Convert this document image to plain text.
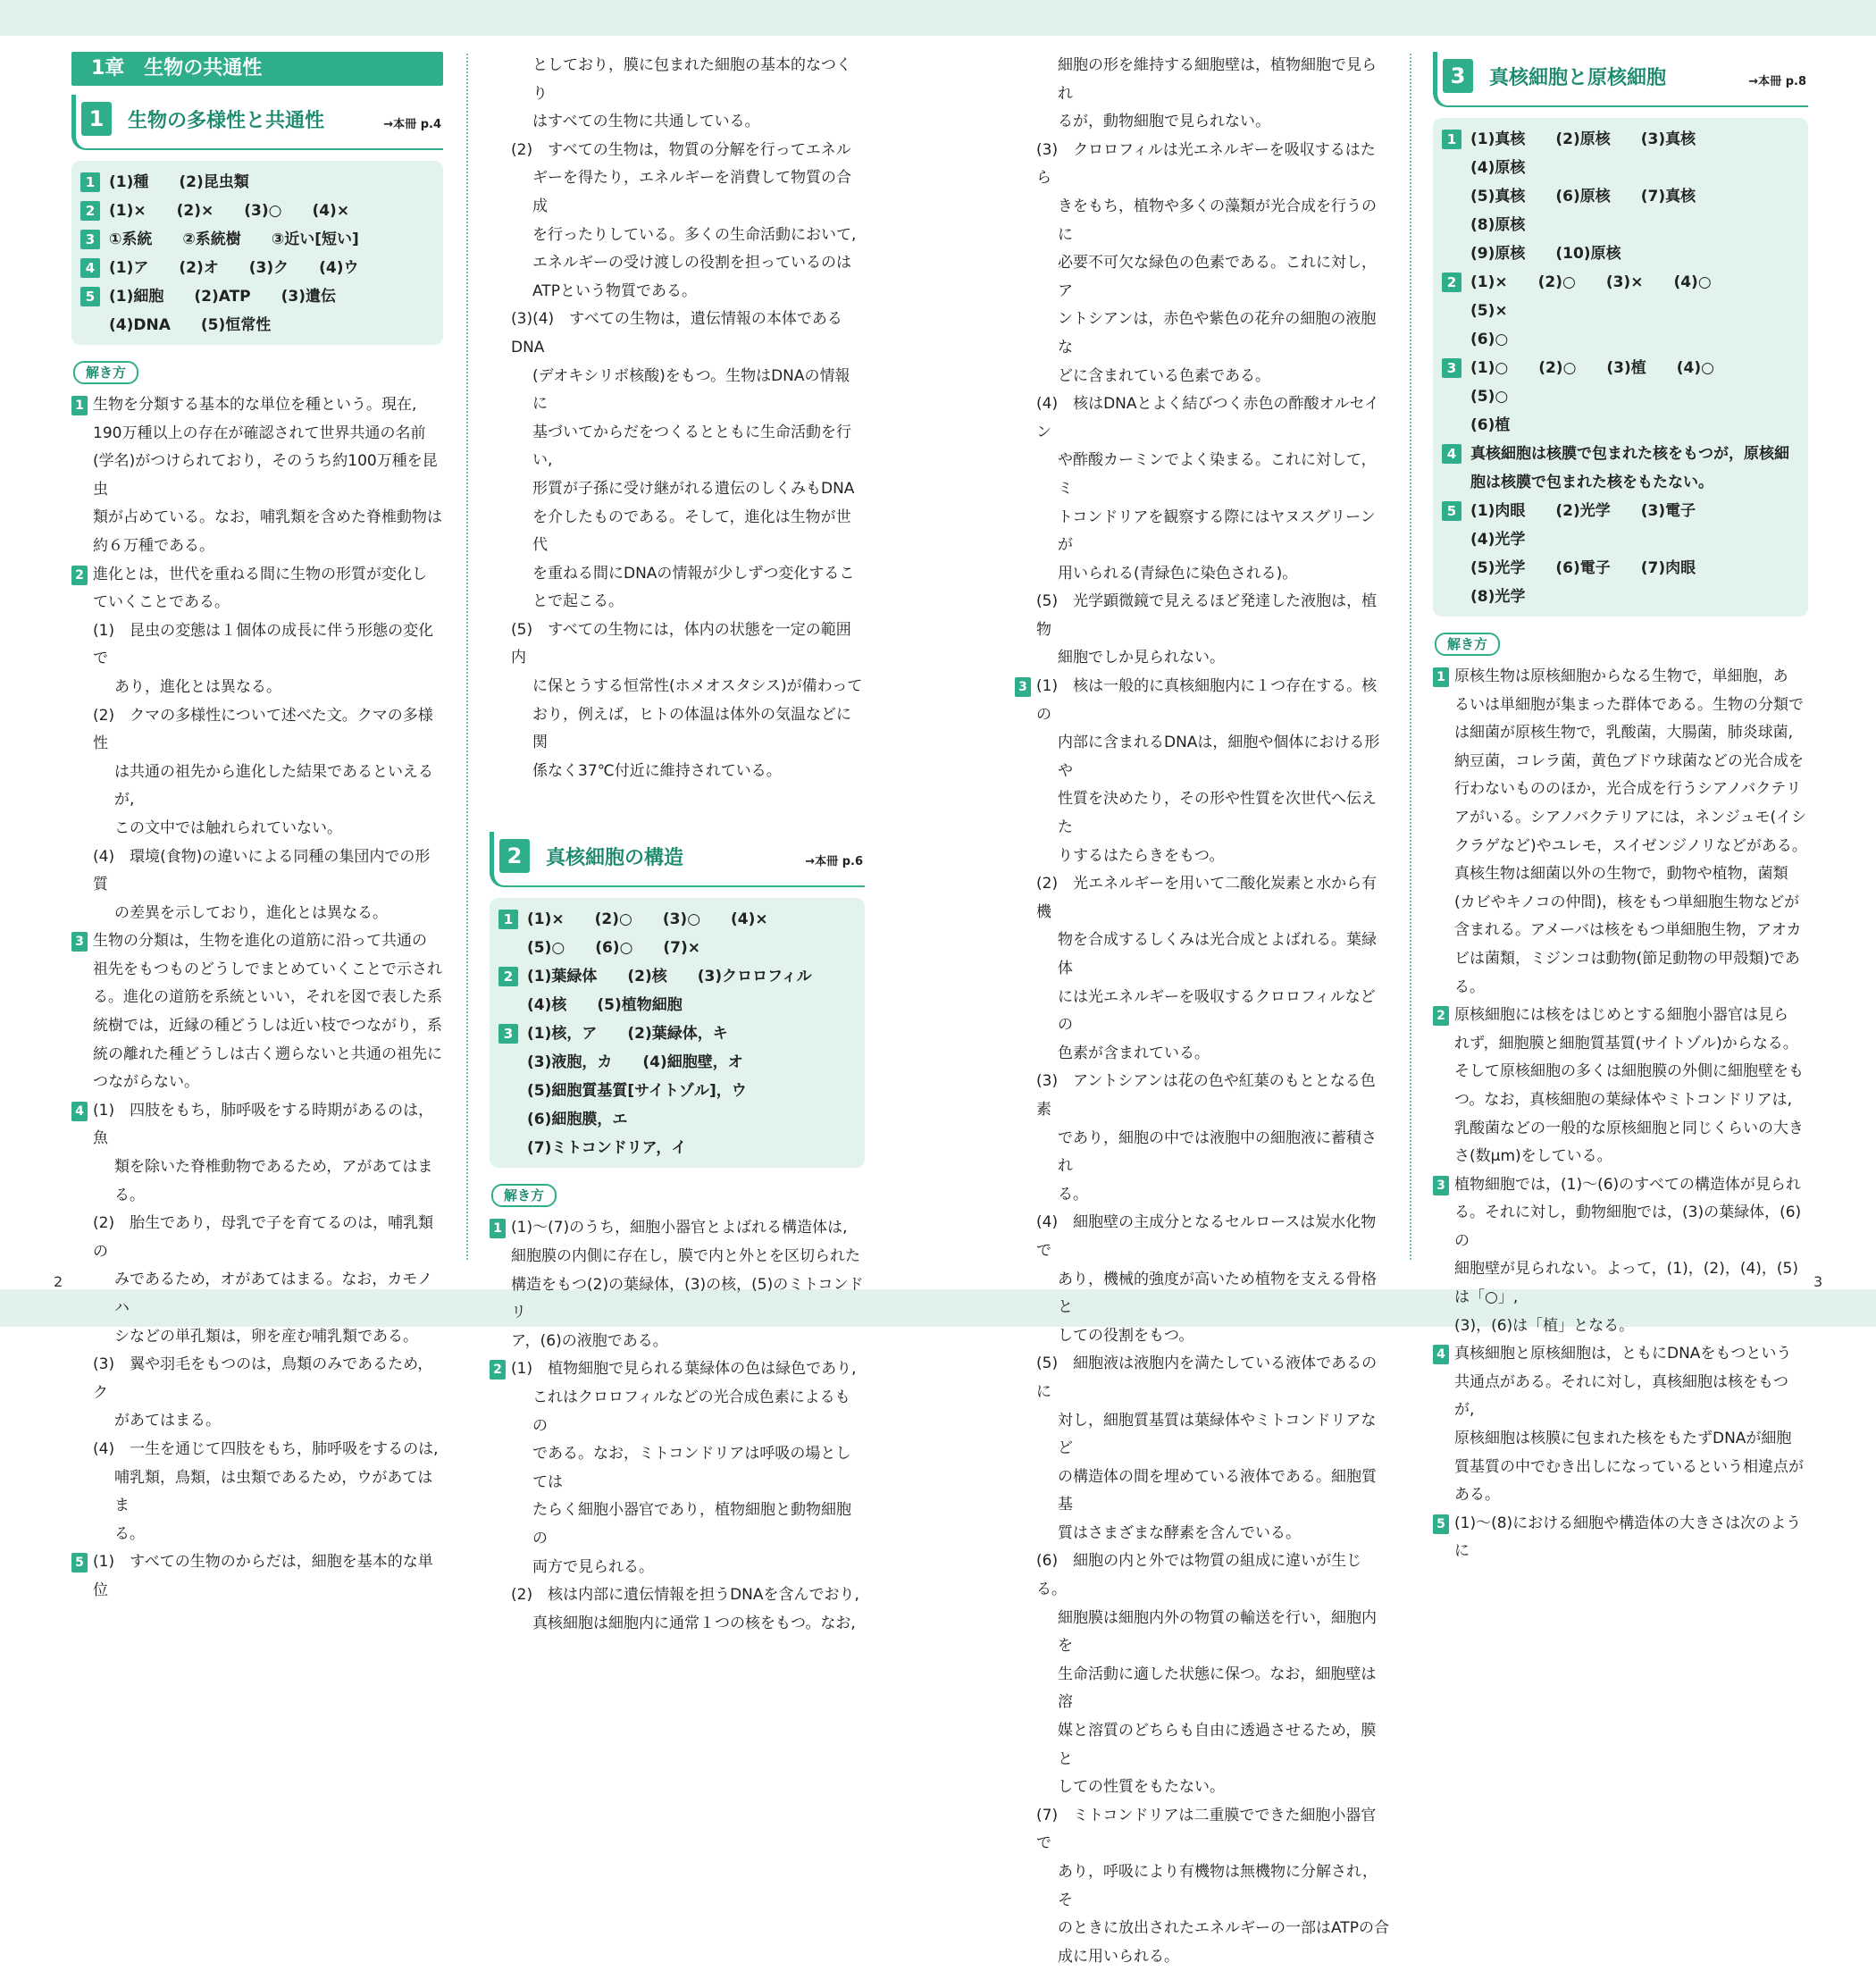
2	3
1章　生物の共通性
1	生物の多様性と共通性	→本冊 p.4
1 (1)種 (2)昆虫類
2 (1)× (2)× (3)○ (4)×
3 ①系統 ②系統樹 ③近い[短い]
4 (1)ア (2)オ (3)ク (4)ウ
5 (1)細胞 (2)ATP (3)遺伝
(4)DNA (5)恒常性
解き方
1 生物を分類する基本的な単位を種という。現在,
190万種以上の存在が確認されて世界共通の名前
(学名)がつけられており，そのうち約100万種を昆虫
類が占めている。なお，哺乳類を含めた脊椎動物は
約６万種である。
2 進化とは，世代を重ねる間に生物の形質が変化し
ていくことである。
(1)　昆虫の変態は１個体の成長に伴う形態の変化で
あり，進化とは異なる。
(2)　クマの多様性について述べた文。クマの多様性
は共通の祖先から進化した結果であるといえるが,
この文中では触れられていない。
(4)　環境(食物)の違いによる同種の集団内での形質
の差異を示しており，進化とは異なる。
3 生物の分類は，生物を進化の道筋に沿って共通の
祖先をもつものどうしでまとめていくことで示され
る。進化の道筋を系統といい，それを図で表した系
統樹では，近縁の種どうしは近い枝でつながり，系
統の離れた種どうしは古く遡らないと共通の祖先に
つながらない。
4 (1)　四肢をもち，肺呼吸をする時期があるのは，魚
類を除いた脊椎動物であるため，アがあてはまる。
(2)　胎生であり，母乳で子を育てるのは，哺乳類の
みであるため，オがあてはまる。なお，カモノハ
シなどの単孔類は，卵を産む哺乳類である。
(3)　翼や羽毛をもつのは，鳥類のみであるため，ク
があてはまる。
(4)　一生を通じて四肢をもち，肺呼吸をするのは,
哺乳類，鳥類，は虫類であるため，ウがあてはま
る。
5 (1)　すべての生物のからだは，細胞を基本的な単位
としており，膜に包まれた細胞の基本的なつくり
はすべての生物に共通している。
(2)　すべての生物は，物質の分解を行ってエネル
ギーを得たり，エネルギーを消費して物質の合成
を行ったりしている。多くの生命活動において,
エネルギーの受け渡しの役割を担っているのは
ATPという物質である。
(3)(4)　すべての生物は，遺伝情報の本体であるDNA
(デオキシリボ核酸)をもつ。生物はDNAの情報に
基づいてからだをつくるとともに生命活動を行い,
形質が子孫に受け継がれる遺伝のしくみもDNA
を介したものである。そして，進化は生物が世代
を重ねる間にDNAの情報が少しずつ変化するこ
とで起こる。
(5)　すべての生物には，体内の状態を一定の範囲内
に保とうする恒常性(ホメオスタシス)が備わって
おり，例えば，ヒトの体温は体外の気温などに関
係なく37℃付近に維持されている。
2	真核細胞の構造	→本冊 p.6
1 (1)× (2)○ (3)○ (4)×
(5)○ (6)○ (7)×
2 (1)葉緑体 (2)核 (3)クロロフィル
(4)核 (5)植物細胞
3 (1)核，ア (2)葉緑体，キ
(3)液胞，カ (4)細胞壁，オ
(5)細胞質基質[サイトゾル]，ウ
(6)細胞膜，エ
(7)ミトコンドリア，イ
解き方
1 (1)〜(7)のうち，細胞小器官とよばれる構造体は,
細胞膜の内側に存在し，膜で内と外とを区切られた
構造をもつ(2)の葉緑体，(3)の核，(5)のミトコンドリ
ア，(6)の液胞である。
2 (1)　植物細胞で見られる葉緑体の色は緑色であり,
これはクロロフィルなどの光合成色素によるもの
である。なお，ミトコンドリアは呼吸の場としては
たらく細胞小器官であり，植物細胞と動物細胞の
両方で見られる。
(2)　核は内部に遺伝情報を担うDNAを含んでおり,
真核細胞は細胞内に通常１つの核をもつ。なお,
細胞の形を維持する細胞壁は，植物細胞で見られ
るが，動物細胞で見られない。
(3)　クロロフィルは光エネルギーを吸収するはたら
きをもち，植物や多くの藻類が光合成を行うのに
必要不可欠な緑色の色素である。これに対し，ア
ントシアンは，赤色や紫色の花弁の細胞の液胞な
どに含まれている色素である。
(4)　核はDNAとよく結びつく赤色の酢酸オルセイン
や酢酸カーミンでよく染まる。これに対して，ミ
トコンドリアを観察する際にはヤヌスグリーンが
用いられる(青緑色に染色される)。
(5)　光学顕微鏡で見えるほど発達した液胞は，植物
細胞でしか見られない。
3 (1)　核は一般的に真核細胞内に１つ存在する。核の
内部に含まれるDNAは，細胞や個体における形や
性質を決めたり，その形や性質を次世代へ伝えた
りするはたらきをもつ。
(2)　光エネルギーを用いて二酸化炭素と水から有機
物を合成するしくみは光合成とよばれる。葉緑体
には光エネルギーを吸収するクロロフィルなどの
色素が含まれている。
(3)　アントシアンは花の色や紅葉のもととなる色素
であり，細胞の中では液胞中の細胞液に蓄積され
る。
(4)　細胞壁の主成分となるセルロースは炭水化物で
あり，機械的強度が高いため植物を支える骨格と
しての役割をもつ。
(5)　細胞液は液胞内を満たしている液体であるのに
対し，細胞質基質は葉緑体やミトコンドリアなど
の構造体の間を埋めている液体である。細胞質基
質はさまざまな酵素を含んでいる。
(6)　細胞の内と外では物質の組成に違いが生じる。
細胞膜は細胞内外の物質の輸送を行い，細胞内を
生命活動に適した状態に保つ。なお，細胞壁は溶
媒と溶質のどちらも自由に透過させるため，膜と
しての性質をもたない。
(7)　ミトコンドリアは二重膜でできた細胞小器官で
あり，呼吸により有機物は無機物に分解され，そ
のときに放出されたエネルギーの一部はATPの合
成に用いられる。
3	真核細胞と原核細胞	→本冊 p.8
1 (1)真核 (2)原核 (3)真核
(4)原核
(5)真核 (6)原核 (7)真核
(8)原核
(9)原核 (10)原核
2 (1)× (2)○ (3)× (4)○
(5)×
(6)○
3 (1)○ (2)○ (3)植 (4)○
(5)○
(6)植
4 真核細胞は核膜で包まれた核をもつが，原核細
胞は核膜で包まれた核をもたない。
5 (1)肉眼 (2)光学 (3)電子
(4)光学
(5)光学 (6)電子 (7)肉眼
(8)光学
解き方
1 原核生物は原核細胞からなる生物で，単細胞，あ
るいは単細胞が集まった群体である。生物の分類で
は細菌が原核生物で，乳酸菌，大腸菌，肺炎球菌,
納豆菌，コレラ菌，黄色ブドウ球菌などの光合成を
行わないもののほか，光合成を行うシアノバクテリ
アがいる。シアノバクテリアには，ネンジュモ(イシ
クラゲなど)やユレモ，スイゼンジノリなどがある。
真核生物は細菌以外の生物で，動物や植物，菌類
(カビやキノコの仲間)，核をもつ単細胞生物などが
含まれる。アメーバは核をもつ単細胞生物，アオカ
ビは菌類，ミジンコは動物(節足動物の甲殻類)であ
る。
2 原核細胞には核をはじめとする細胞小器官は見ら
れず，細胞膜と細胞質基質(サイトゾル)からなる。
そして原核細胞の多くは細胞膜の外側に細胞壁をも
つ。なお，真核細胞の葉緑体やミトコンドリアは,
乳酸菌などの一般的な原核細胞と同じくらいの大き
さ(数μm)をしている。
3 植物細胞では，(1)〜(6)のすべての構造体が見られ
る。それに対し，動物細胞では，(3)の葉緑体，(6)の
細胞壁が見られない。よって，(1)，(2)，(4)，(5)は「○」,
(3)，(6)は「植」となる。
4 真核細胞と原核細胞は，ともにDNAをもつという
共通点がある。それに対し，真核細胞は核をもつが,
原核細胞は核膜に包まれた核をもたずDNAが細胞
質基質の中でむき出しになっているという相違点が
ある。
5 (1)〜(8)における細胞や構造体の大きさは次のように
